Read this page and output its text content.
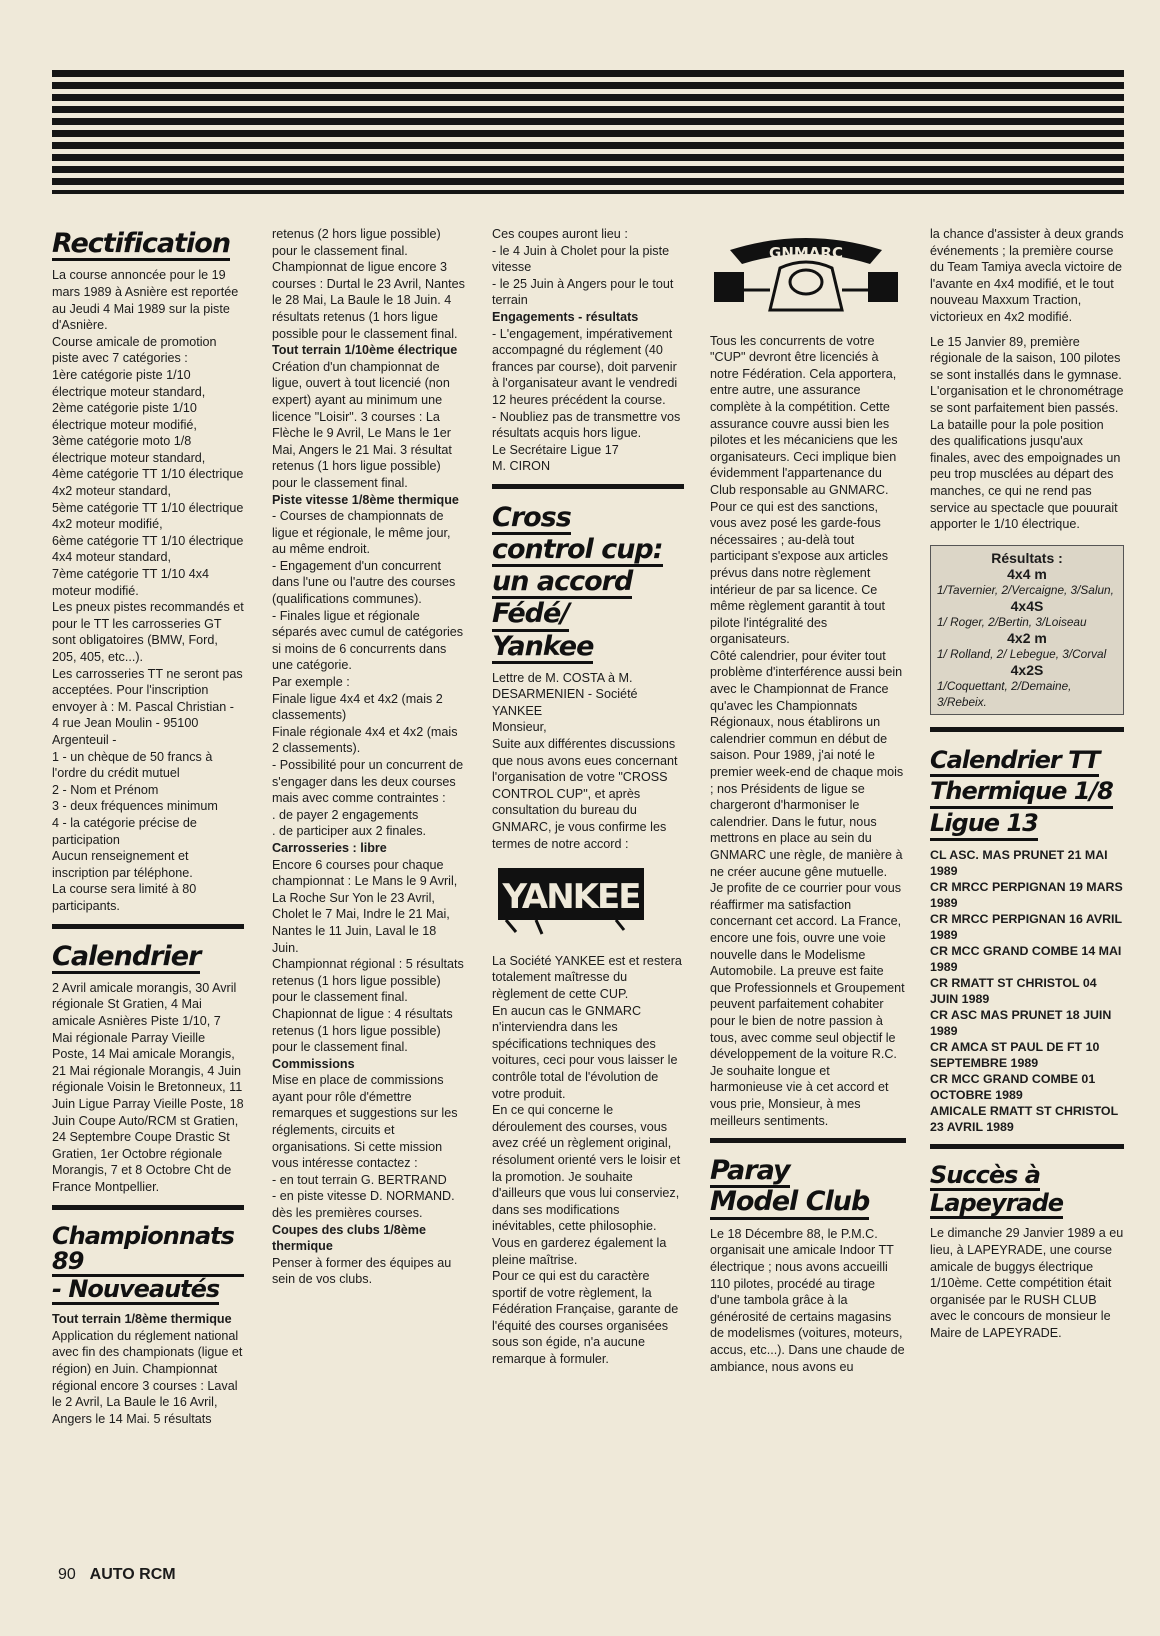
Rectification

La course annoncée pour le 19 mars 1989 à Asnière est reportée au Jeudi 4 Mai 1989 sur la piste d'Asnière.

Course amicale de promotion piste avec 7 catégories :

1ère catégorie piste 1/10 électrique moteur standard,

2ème catégorie piste 1/10 électrique moteur modifié,

3ème catégorie moto 1/8 électrique moteur standard,

4ème catégorie TT 1/10 électrique 4x2 moteur standard,

5ème catégorie TT 1/10 électrique 4x2 moteur modifié,

6ème catégorie TT 1/10 électrique 4x4 moteur standard,

7ème catégorie TT 1/10 4x4 moteur modifié.

Les pneux pistes recommandés et pour le TT les carrosseries GT sont obligatoires (BMW, Ford, 205, 405, etc...).

Les carrosseries TT ne seront pas acceptées. Pour l'inscription envoyer à : M. Pascal Christian - 4 rue Jean Moulin - 95100 Argenteuil -

1 - un chèque de 50 francs à l'ordre du crédit mutuel

2 - Nom et Prénom

3 - deux fréquences minimum

4 - la catégorie précise de participation

Aucun renseignement et inscription par téléphone.

La course sera limité à 80 participants.

Calendrier

2 Avril amicale morangis, 30 Avril régionale St Gratien, 4 Mai amicale Asnières Piste 1/10, 7 Mai régionale Parray Vieille Poste, 14 Mai amicale Morangis, 21 Mai régionale Morangis, 4 Juin régionale Voisin le Bretonneux, 11 Juin Ligue Parray Vieille Poste, 18 Juin Coupe Auto/RCM st Gratien, 24 Septembre Coupe Drastic St Gratien, 1er Octobre régionale Morangis, 7 et 8 Octobre Cht de France Montpellier.

Championnats 89
- Nouveautés

Tout terrain 1/8ème thermique

Application du réglement national avec fin des championats (ligue et région) en Juin. Championnat régional encore 3 courses : Laval le 2 Avril, La Baule le 16 Avril, Angers le 14 Mai. 5 résultats

retenus (2 hors ligue possible) pour le classement final.

Championnat de ligue encore 3 courses : Durtal le 23 Avril, Nantes le 28 Mai, La Baule le 18 Juin. 4 résultats retenus (1 hors ligue possible pour le classement final.

Tout terrain 1/10ème électrique

Création d'un championnat de ligue, ouvert à tout licencié (non expert) ayant au minimum une licence "Loisir". 3 courses : La Flèche le 9 Avril, Le Mans le 1er Mai, Angers le 21 Mai. 3 résultat retenus (1 hors ligue possible) pour le classement final.

Piste vitesse 1/8ème thermique

- Courses de championnats de ligue et régionale, le même jour, au même endroit.

- Engagement d'un concurrent dans l'une ou l'autre des courses (qualifications communes).

- Finales ligue et régionale séparés avec cumul de catégories si moins de 6 concurrents dans une catégorie.

Par exemple :

Finale ligue 4x4 et 4x2 (mais 2 classements)

Finale régionale 4x4 et 4x2 (mais 2 classements).

- Possibilité pour un concurrent de s'engager dans les deux courses mais avec comme contraintes :

. de payer 2 engagements

. de participer aux 2 finales.

Carrosseries : libre

Encore 6 courses pour chaque championnat : Le Mans le 9 Avril, La Roche Sur Yon le 23 Avril, Cholet le 7 Mai, Indre le 21 Mai, Nantes le 11 Juin, Laval le 18 Juin.

Championnat régional : 5 résultats retenus (1 hors ligue possible) pour le classement final.

Chapionnat de ligue : 4 résultats retenus (1 hors ligue possible) pour le classement final.

Commissions

Mise en place de commissions ayant pour rôle d'émettre remarques et suggestions sur les réglements, circuits et organisations. Si cette mission vous intéresse contactez :

- en tout terrain G. BERTRAND

- en piste vitesse D. NORMAND.

dès les premières courses.

Coupes des clubs 1/8ème thermique

Penser à former des équipes au sein de vos clubs.

Ces coupes auront lieu :

- le 4 Juin à Cholet pour la piste vitesse

- le 25 Juin à Angers pour le tout terrain

Engagements - résultats

- L'engagement, impérativement accompagné du réglement (40 frances par course), doit parvenir à l'organisateur avant le vendredi 12 heures précédent la course.

- Noubliez pas de transmettre vos résultats acquis hors ligue.

Le Secrétaire Ligue 17

M. CIRON

Cross
control cup:
un accord
Fédé/
Yankee

Lettre de M. COSTA à M. DESARMENIEN - Société YANKEE

Monsieur,

Suite aux différentes discussions que nous avons eues concernant l'organisation de votre "CROSS CONTROL CUP", et après consultation du bureau du GNMARC, je vous confirme les termes de notre accord :

YANKEE

La Société YANKEE est et restera totalement maîtresse du règlement de cette CUP.

En aucun cas le GNMARC n'interviendra dans les spécifications techniques des voitures, ceci pour vous laisser le contrôle total de l'évolution de votre produit.

En ce qui concerne le déroulement des courses, vous avez créé un règlement original, résolument orienté vers le loisir et la promotion. Je souhaite d'ailleurs que vous lui conserviez, dans ses modifications inévitables, cette philosophie. Vous en garderez également la pleine maîtrise.

Pour ce qui est du caractère sportif de votre règlement, la Fédération Française, garante de l'équité des courses organisées sous son égide, n'a aucune remarque à formuler.

GNMARC

Tous les concurrents de votre "CUP" devront être licenciés à notre Fédération. Cela apportera, entre autre, une assurance complète à la compétition. Cette assurance couvre aussi bien les pilotes et les mécaniciens que les organisateurs. Ceci implique bien évidemment l'appartenance du Club responsable au GNMARC.

Pour ce qui est des sanctions, vous avez posé les garde-fous nécessaires ; au-delà tout participant s'expose aux articles prévus dans notre règlement intérieur de par sa licence. Ce même règlement garantit à tout pilote l'intégralité des organisateurs.

Côté calendrier, pour éviter tout problème d'interférence aussi bein avec le Championnat de France qu'avec les Championnats Régionaux, nous établirons un calendrier commun en début de saison. Pour 1989, j'ai noté le premier week-end de chaque mois ; nos Présidents de ligue se chargeront d'harmoniser le calendrier. Dans le futur, nous mettrons en place au sein du GNMARC une règle, de manière à ne créer aucune gêne mutuelle.

Je profite de ce courrier pour vous réaffirmer ma satisfaction concernant cet accord. La France, encore une fois, ouvre une voie nouvelle dans le Modelisme Automobile. La preuve est faite que Professionnels et Groupement peuvent parfaitement cohabiter pour le bien de notre passion à tous, avec comme seul objectif le développement de la voiture R.C.

Je souhaite longue et harmonieuse vie à cet accord et vous prie, Monsieur, à mes meilleurs sentiments.

Paray
Model Club

Le 18 Décembre 88, le P.M.C. organisait une amicale Indoor TT électrique ; nous avons accueilli 110 pilotes, procédé au tirage d'une tambola grâce à la générosité de certains magasins de modelismes (voitures, moteurs, accus, etc...). Dans une chaude de ambiance, nous avons eu

la chance d'assister à deux grands événements ; la première course du Team Tamiya avecla victoire de l'avante en 4x4 modifié, et le tout nouveau Maxxum Traction, victorieux en 4x2 modifié.

Le 15 Janvier 89, première régionale de la saison, 100 pilotes se sont installés dans le gymnase. L'organisation et le chronométrage se sont parfaitement bien passés. La bataille pour la pole position des qualifications jusqu'aux finales, avec des empoignades un peu trop musclées au départ des manches, ce qui ne rend pas service au spectacle que pouurait apporter le 1/10 électrique.

Résultats :
4x4 m
1/Tavernier, 2/Vercaigne, 3/Salun,
4x4S
1/ Roger, 2/Bertin, 3/Loiseau
4x2 m
1/ Rolland, 2/ Lebegue, 3/Corval
4x2S
1/Coquettant, 2/Demaine, 3/Rebeix.
Calendrier TT
Thermique 1/8
Ligue 13

CL ASC. MAS PRUNET 21 MAI 1989

CR MRCC PERPIGNAN 19 MARS 1989

CR MRCC PERPIGNAN 16 AVRIL 1989

CR MCC GRAND COMBE 14 MAI 1989

CR RMATT ST CHRISTOL 04 JUIN 1989

CR ASC MAS PRUNET 18 JUIN 1989

CR AMCA ST PAUL DE FT 10 SEPTEMBRE 1989

CR MCC GRAND COMBE 01 OCTOBRE 1989

AMICALE RMATT ST CHRISTOL 23 AVRIL 1989

Succès à
Lapeyrade

Le dimanche 29 Janvier 1989 a eu lieu, à LAPEYRADE, une course amicale de buggys électrique 1/10ème. Cette compétition était organisée par le RUSH CLUB avec le concours de monsieur le Maire de LAPEYRADE.

90 AUTO RCM
